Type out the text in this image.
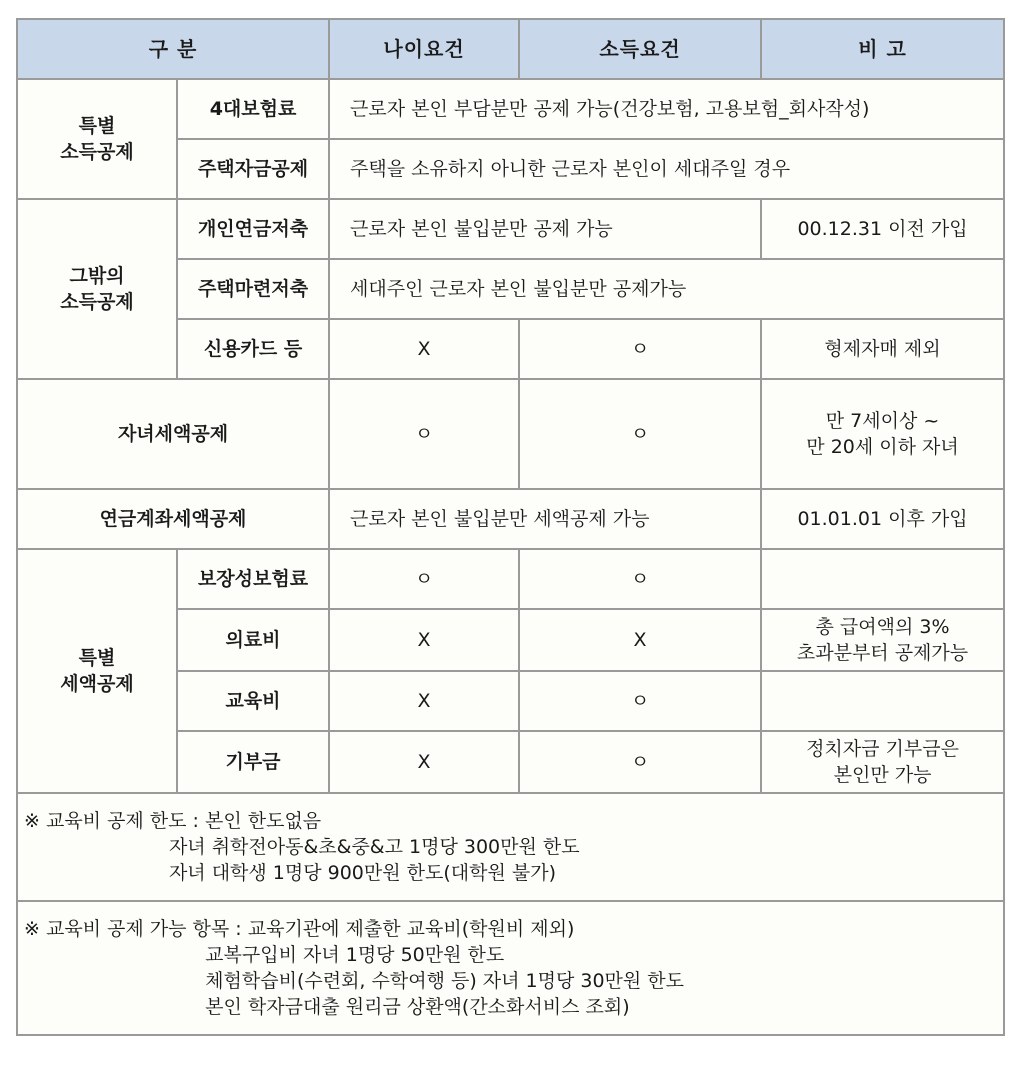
구 분		나이요건	소득요건	비 고
특별
소득공제	4대보험료	근로자 본인 부담분만 공제 가능(건강보험, 고용보험_회사작성)		
	주택자금공제	주택을 소유하지 아니한 근로자 본인이 세대주일 경우		
그밖의
소득공제	개인연금저축	근로자 본인 불입분만 공제 가능		00.12.31 이전 가입
	주택마련저축	세대주인 근로자 본인 불입분만 공제가능		
	신용카드 등	X	ㅇ	형제자매 제외
자녀세액공제		ㅇ	ㅇ	만 7세이상 ~
만 20세 이하 자녀
연금계좌세액공제		근로자 본인 불입분만 세액공제 가능		01.01.01 이후 가입
특별
세액공제	보장성보험료	ㅇ	ㅇ	
	의료비	X	X	총 급여액의 3%
초과분부터 공제가능
	교육비	X	ㅇ	
	기부금	X	ㅇ	정치자금 기부금은
본인만 가능

※ 교육비 공제 한도 : 본인 한도없음
자녀 취학전아동&초&중&고 1명당 300만원 한도
자녀 대학생 1명당 900만원 한도(대학원 불가)				

※ 교육비 공제 가능 항목 : 교육기관에 제출한 교육비(학원비 제외)
교복구입비 자녀 1명당 50만원 한도
체험학습비(수련회, 수학여행 등) 자녀 1명당 30만원 한도
본인 학자금대출 원리금 상환액(간소화서비스 조회)				
